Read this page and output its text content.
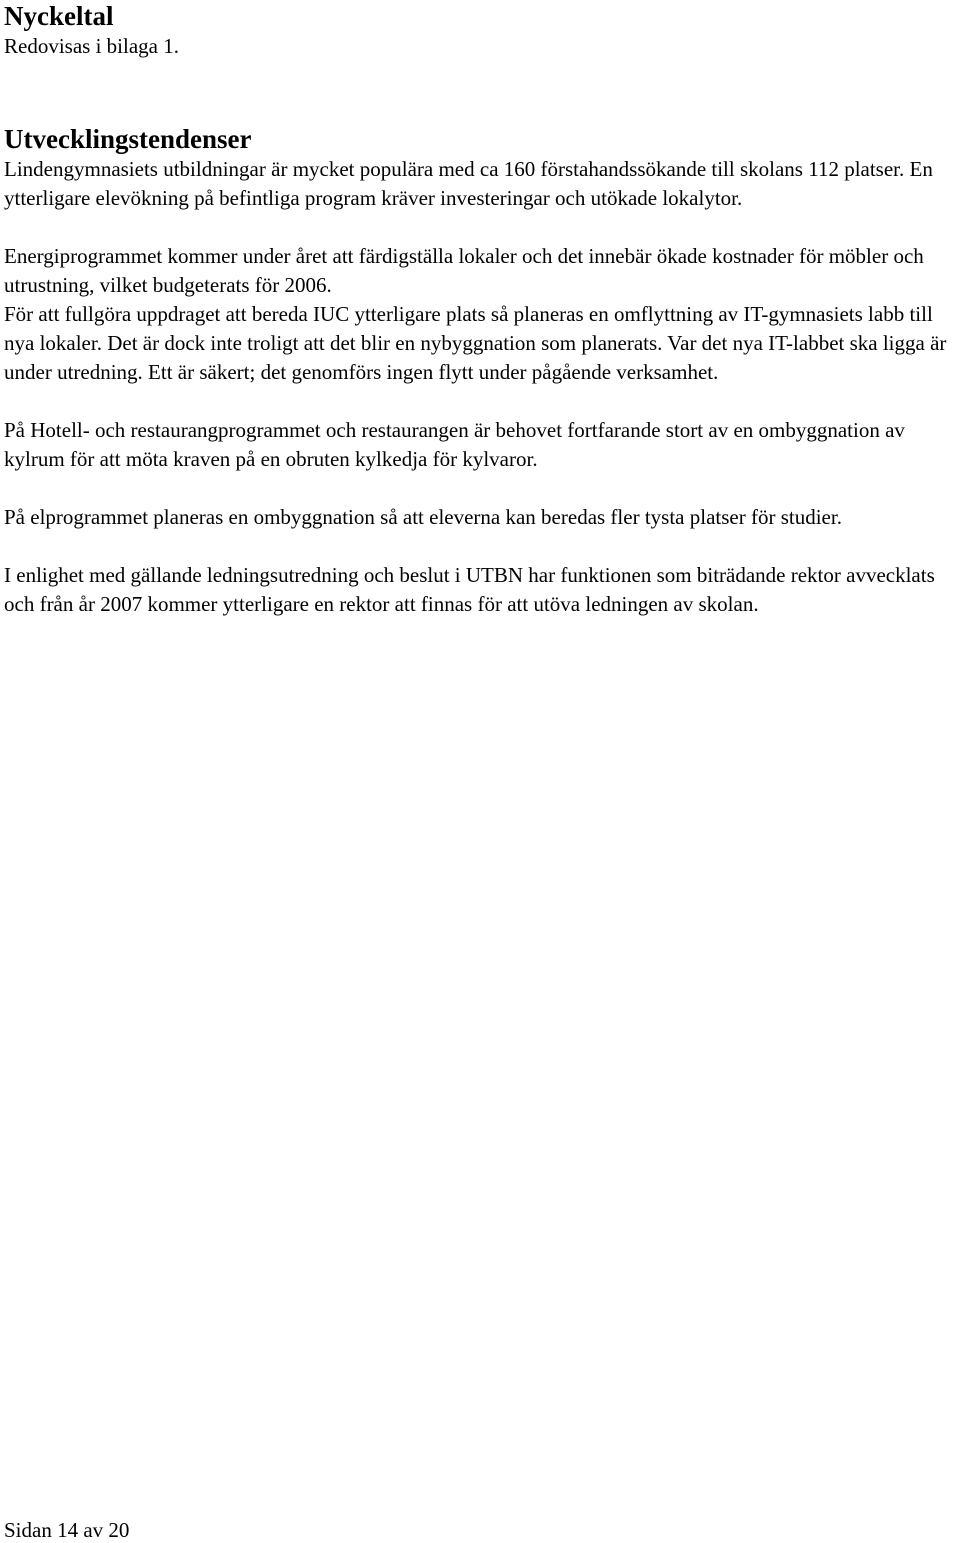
Nyckeltal

Redovisas i bilaga 1.

Utvecklingstendenser

Lindengymnasiets utbildningar är mycket populära med ca 160 förstahandssökande till skolans 112 platser. En ytterligare elevökning på befintliga program kräver investeringar och utökade lokalytor.

Energiprogrammet kommer under året att färdigställa lokaler och det innebär ökade kostnader för möbler och utrustning, vilket budgeterats för 2006.

För att fullgöra uppdraget att bereda IUC ytterligare plats så planeras en omflyttning av IT-gymnasiets labb till nya lokaler. Det är dock inte troligt att det blir en nybyggnation som planerats. Var det nya IT-labbet ska ligga är under utredning. Ett är säkert; det genomförs ingen flytt under pågående verksamhet.

På Hotell- och restaurangprogrammet och restaurangen är behovet fortfarande stort av en ombyggnation av kylrum för att möta kraven på en obruten kylkedja för kylvaror.

På elprogrammet planeras en ombyggnation så att eleverna kan beredas fler tysta platser för studier.

I enlighet med gällande ledningsutredning och beslut i UTBN har funktionen som biträdande rektor avvecklats och från år 2007 kommer ytterligare en rektor att finnas för att utöva ledningen av skolan.

Sidan 14 av 20
